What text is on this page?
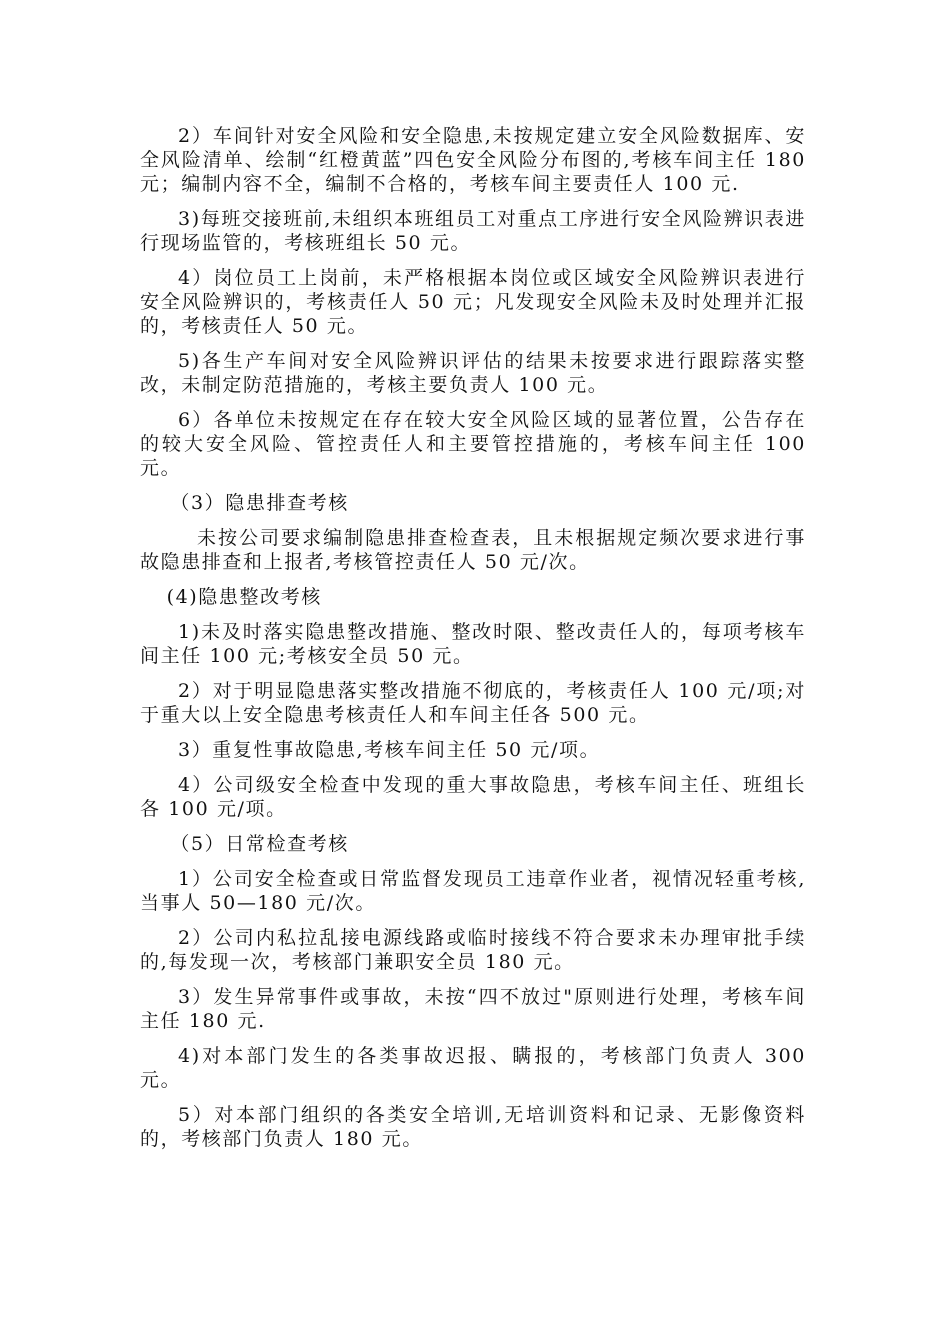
2）车间针对安全风险和安全隐患,未按规定建立安全风险数据库、安全风险清单、绘制“红橙黄蓝”四色安全风险分布图的,考核车间主任 180 元；编制内容不全，编制不合格的，考核车间主要责任人 100 元.

3)每班交接班前,未组织本班组员工对重点工序进行安全风险辨识表进行现场监管的，考核班组长 50 元。

4）岗位员工上岗前，未严格根据本岗位或区域安全风险辨识表进行安全风险辨识的，考核责任人 50 元；凡发现安全风险未及时处理并汇报的，考核责任人 50 元。

5)各生产车间对安全风险辨识评估的结果未按要求进行跟踪落实整改，未制定防范措施的，考核主要负责人 100 元。

6）各单位未按规定在存在较大安全风险区域的显著位置，公告存在的较大安全风险、管控责任人和主要管控措施的，考核车间主任 100 元。

（3）隐患排查考核

未按公司要求编制隐患排查检查表，且未根据规定频次要求进行事故隐患排查和上报者,考核管控责任人 50 元/次。

(4)隐患整改考核

1)未及时落实隐患整改措施、整改时限、整改责任人的，每项考核车间主任 100 元;考核安全员 50 元。

2）对于明显隐患落实整改措施不彻底的，考核责任人 100 元/项;对于重大以上安全隐患考核责任人和车间主任各 500 元。

3）重复性事故隐患,考核车间主任 50 元/项。

4）公司级安全检查中发现的重大事故隐患，考核车间主任、班组长各 100 元/项。

（5）日常检查考核

1）公司安全检查或日常监督发现员工违章作业者，视情况轻重考核,当事人 50—180 元/次。

2）公司内私拉乱接电源线路或临时接线不符合要求未办理审批手续的,每发现一次，考核部门兼职安全员 180 元。

3）发生异常事件或事故，未按“四不放过"原则进行处理，考核车间主任 180 元.

4)对本部门发生的各类事故迟报、瞒报的，考核部门负责人 300 元。

5）对本部门组织的各类安全培训,无培训资料和记录、无影像资料的，考核部门负责人 180 元。
